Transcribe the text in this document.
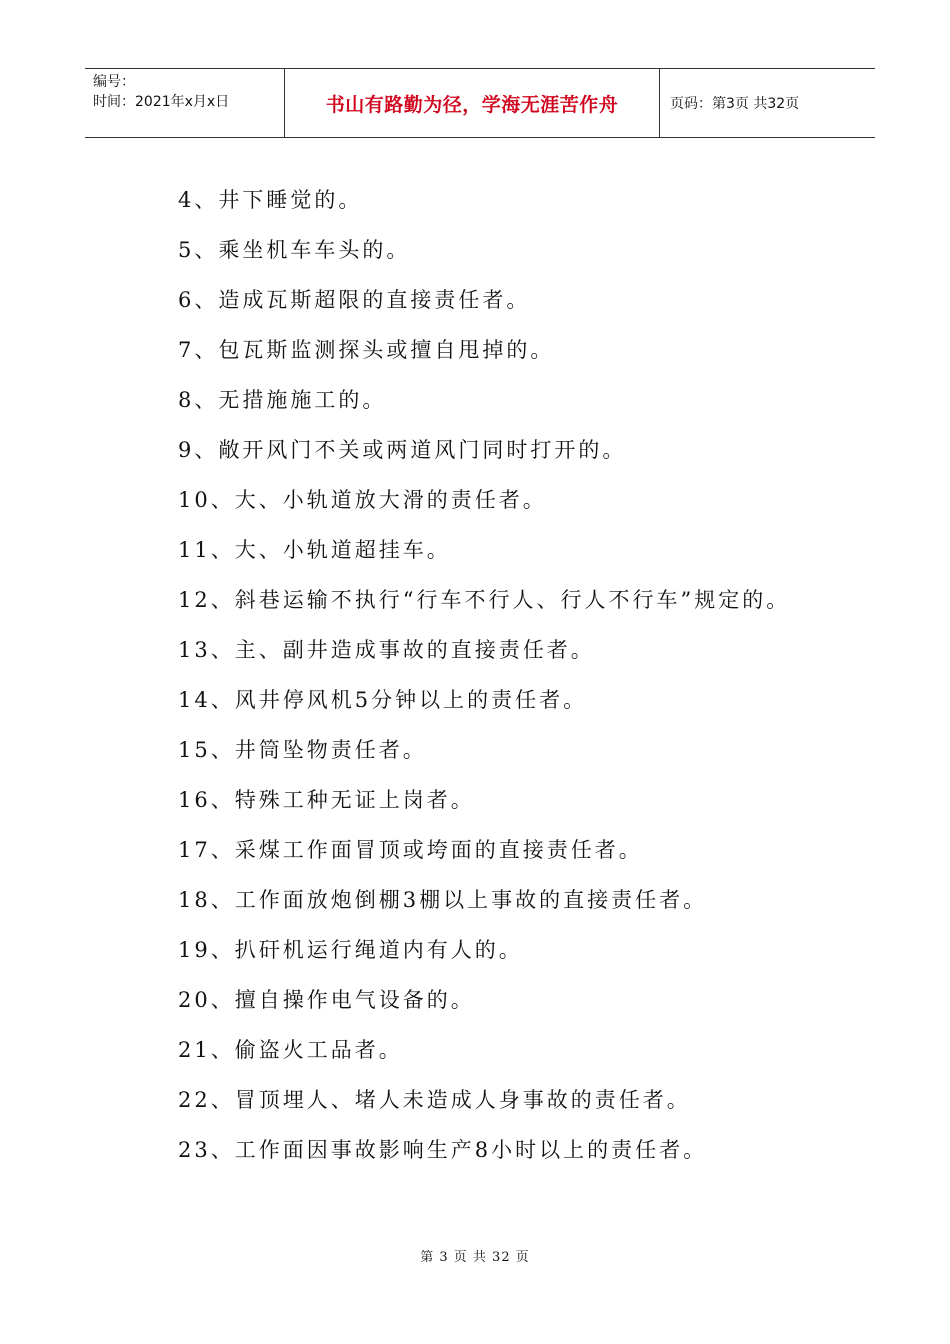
编号：
时间：2021年x月x日	书山有路勤为径，学海无涯苦作舟	页码：第3页 共32页
4、井下睡觉的。
5、乘坐机车车头的。
6、造成瓦斯超限的直接责任者。
7、包瓦斯监测探头或擅自甩掉的。
8、无措施施工的。
9、敞开风门不关或两道风门同时打开的。
10、大、小轨道放大滑的责任者。
11、大、小轨道超挂车。
12、斜巷运输不执行“行车不行人、行人不行车”规定的。
13、主、副井造成事故的直接责任者。
14、风井停风机5分钟以上的责任者。
15、井筒坠物责任者。
16、特殊工种无证上岗者。
17、采煤工作面冒顶或垮面的直接责任者。
18、工作面放炮倒棚3棚以上事故的直接责任者。
19、扒矸机运行绳道内有人的。
20、擅自操作电气设备的。
21、偷盗火工品者。
22、冒顶埋人、堵人未造成人身事故的责任者。
23、工作面因事故影响生产8小时以上的责任者。
第 3 页 共 32 页
